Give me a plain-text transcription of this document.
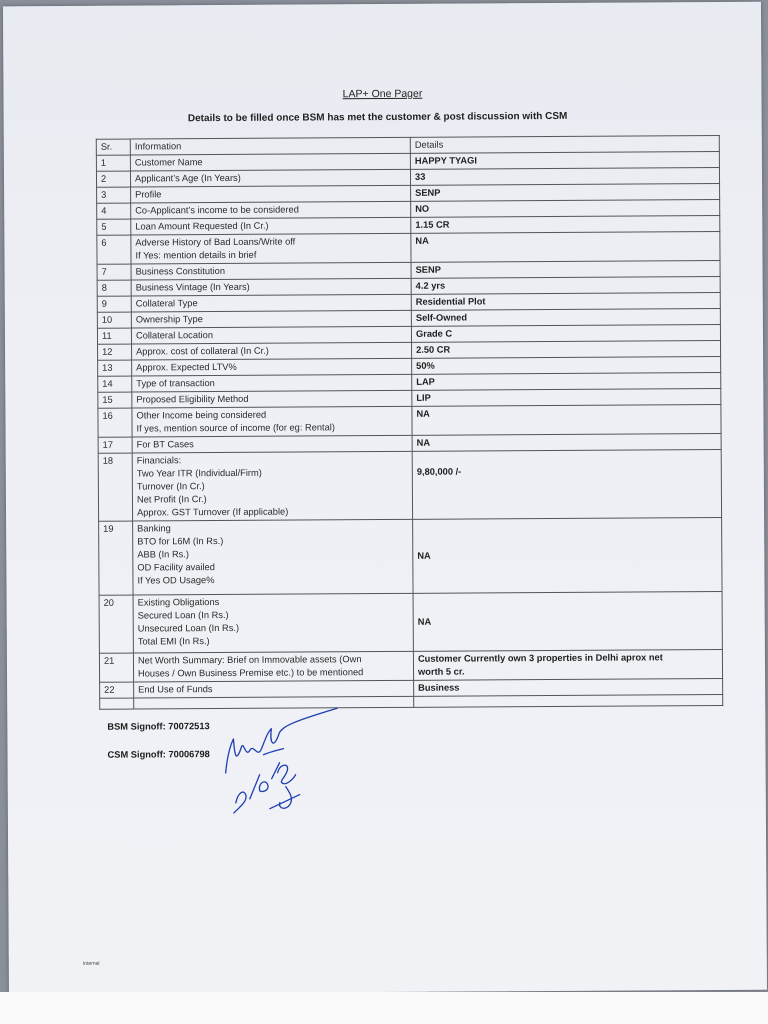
LAP+ One Pager
Details to be filled once BSM has met the customer & post discussion with CSM
Sr.	Information	Details
1	Customer Name	HAPPY TYAGI

2	Applicant’s Age (In Years)	33

3	Profile	SENP

4	Co-Applicant’s income to be considered	NO

5	Loan Amount Requested (In Cr.)	1.15 CR

6	Adverse History of Bad Loans/Write off
If Yes: mention details in brief	NA

7	Business Constitution	SENP

8	Business Vintage (In Years)	4.2 yrs

9	Collateral Type	Residential Plot

10	Ownership Type	Self-Owned

11	Collateral Location	Grade C

12	Approx. cost of collateral (In Cr.)	2.50 CR

13	Approx. Expected LTV%	50%

14	Type of transaction	LAP

15	Proposed Eligibility Method	LIP

16	Other Income being considered
If yes, mention source of income (for eg: Rental)	NA

17	For BT Cases	NA

18	Financials:
Two Year ITR (Individual/Firm)
Turnover (In Cr.)
Net Profit (In Cr.)
Approx. GST Turnover (If applicable)	9,80,000 /-

19	Banking
BTO for L6M (In Rs.)
ABB (In Rs.)
OD Facility availed
If Yes OD Usage%	NA

20	Existing Obligations
Secured Loan (In Rs.)
Unsecured Loan (In Rs.)
Total EMI (In Rs.)	NA

21	Net Worth Summary: Brief on Immovable assets (Own
Houses / Own Business Premise etc.) to be mentioned	Customer Currently own 3 properties in Delhi aprox net
worth 5 cr.

22	End Use of Funds	Business

BSM Signoff: 70072513
CSM Signoff: 70006798
Internal
